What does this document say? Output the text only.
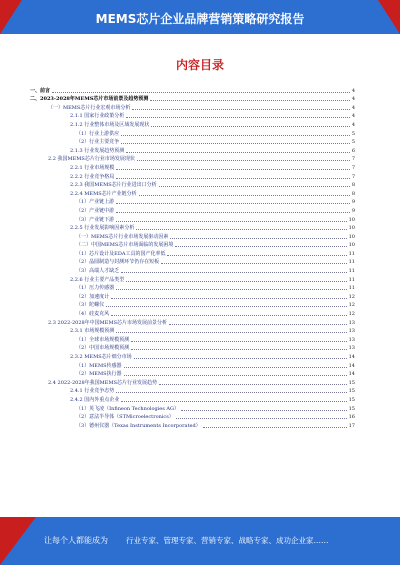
MEMS芯片企业品牌营销策略研究报告
内容目录
一、前言	4
二、2023-2028年MEMS芯片市场前景及趋势预测	4
（一）MEMS芯片行业宏观市场分析	4
2.1.1 国家行业政策分析	4
2.1.2 行业整体市场及区域发展现状	4
（1）行业上游供应	5
（2）行业主要竞争	5
2.1.3 行业发展趋势预测	6
2.2 我国MEMS芯片行业市场发展现状	7
2.2.1 行业市场规模	7
2.2.2 行业竞争格局	7
2.2.3 我国MEMS芯片行业进出口分析	8
2.2.4 MEMS芯片产业链分析	8
（1）产业链上游	9
（2）产业链中游	9
（3）产业链下游	10
2.2.5 行业发展影响因素分析	10
（一）MEMS芯片行业市场发展驱动因素	10
（二）中国MEMS芯片市场面临的发展困境	10
（1）芯片设计及EDA工具的国产化率低	11
（2）晶圆制造与封测环节仍存在短板	11
（3）高端人才缺乏	11
2.2.6 行业主要产品类型	11
（1）压力传感器	11
（2）加速度计	12
（3）陀螺仪	12
（4）硅麦克风	12
2.3 2022-2028年中国MEMS芯片市场发展前景分析	13
2.3.1 市场规模预测	13
（1）全球市场规模预测	13
（2）中国市场规模预测	13
2.3.2 MEMS芯片细分市场	14
（1）MEMS传感器	14
（2）MEMS执行器	14
2.4 2022-2028年我国MEMS芯片行业发展趋势	15
2.4.1 行业竞争态势	15
2.4.2 国内外重点企业	15
（1）英飞凌（Infineon Technologies AG）	15
（2）意法半导体（STMicroelectronics）	16
（3）德州仪器（Texas Instruments Incorporated）	17
让每个人都能成为 行业专家、管理专家、营销专家、战略专家、成功企业家……
